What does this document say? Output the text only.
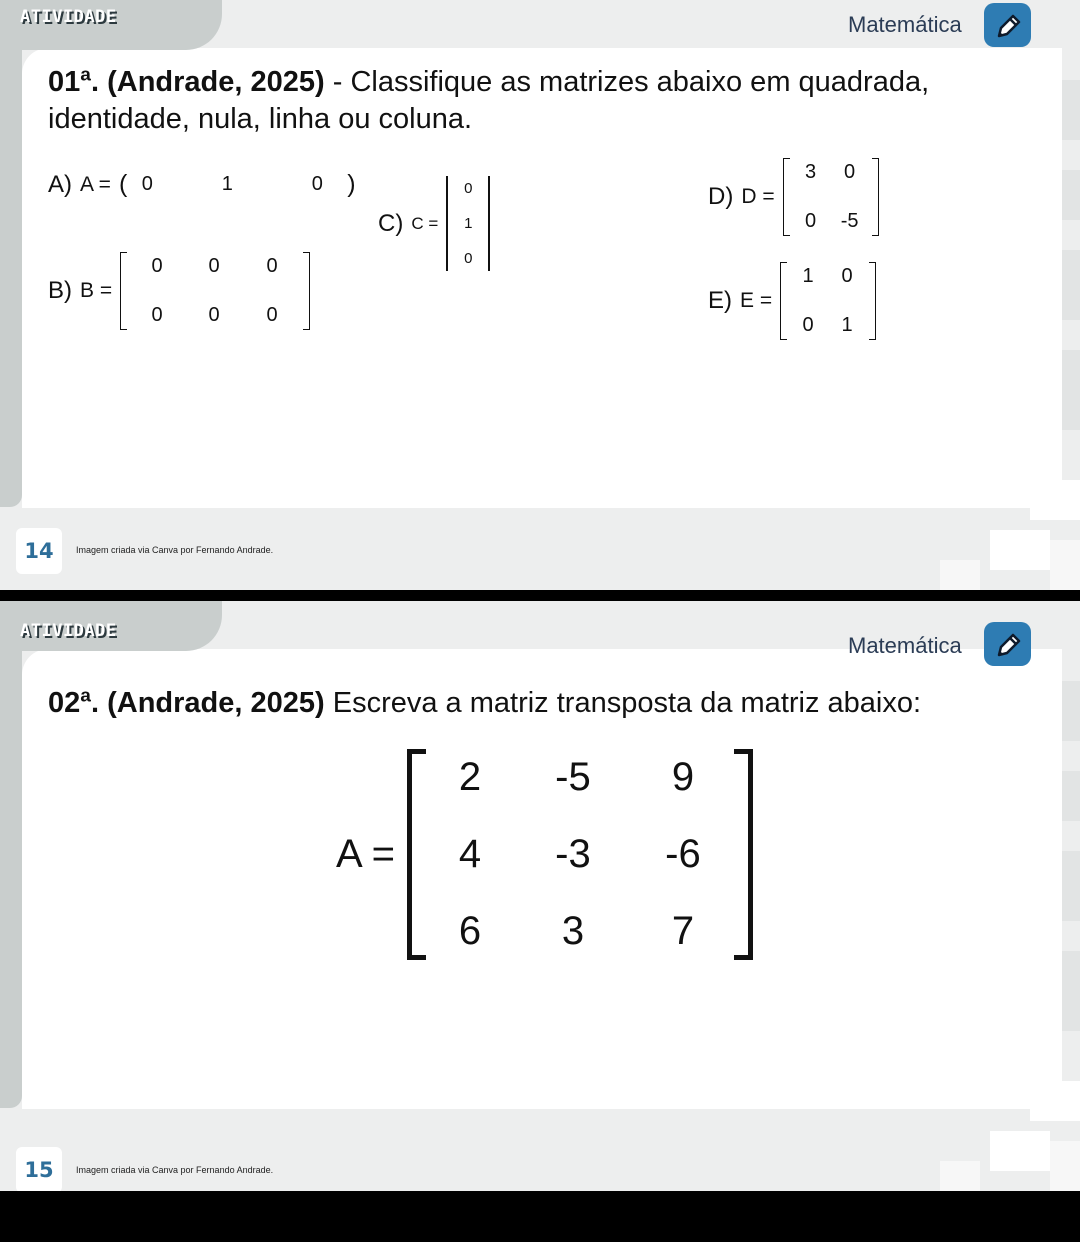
ATIVIDADE	Matemática
01ª. (Andrade, 2025) - Classifique as matrizes abaixo em quadrada, identidade, nula, linha ou coluna.
A) A = ( 0	1	0 )
B) B =
0	0	0
0	0	0
C) C =
0
1
0
D) D =
3	0
0	-5
E) E =
1	0
0	1
14	Imagem criada via Canva por Fernando Andrade.
ATIVIDADE
Matemática
02ª. (Andrade, 2025) Escreva a matriz transposta da matriz abaixo:
A =
2	-5	9
4	-3	-6
6	3	7
15	Imagem criada via Canva por Fernando Andrade.
